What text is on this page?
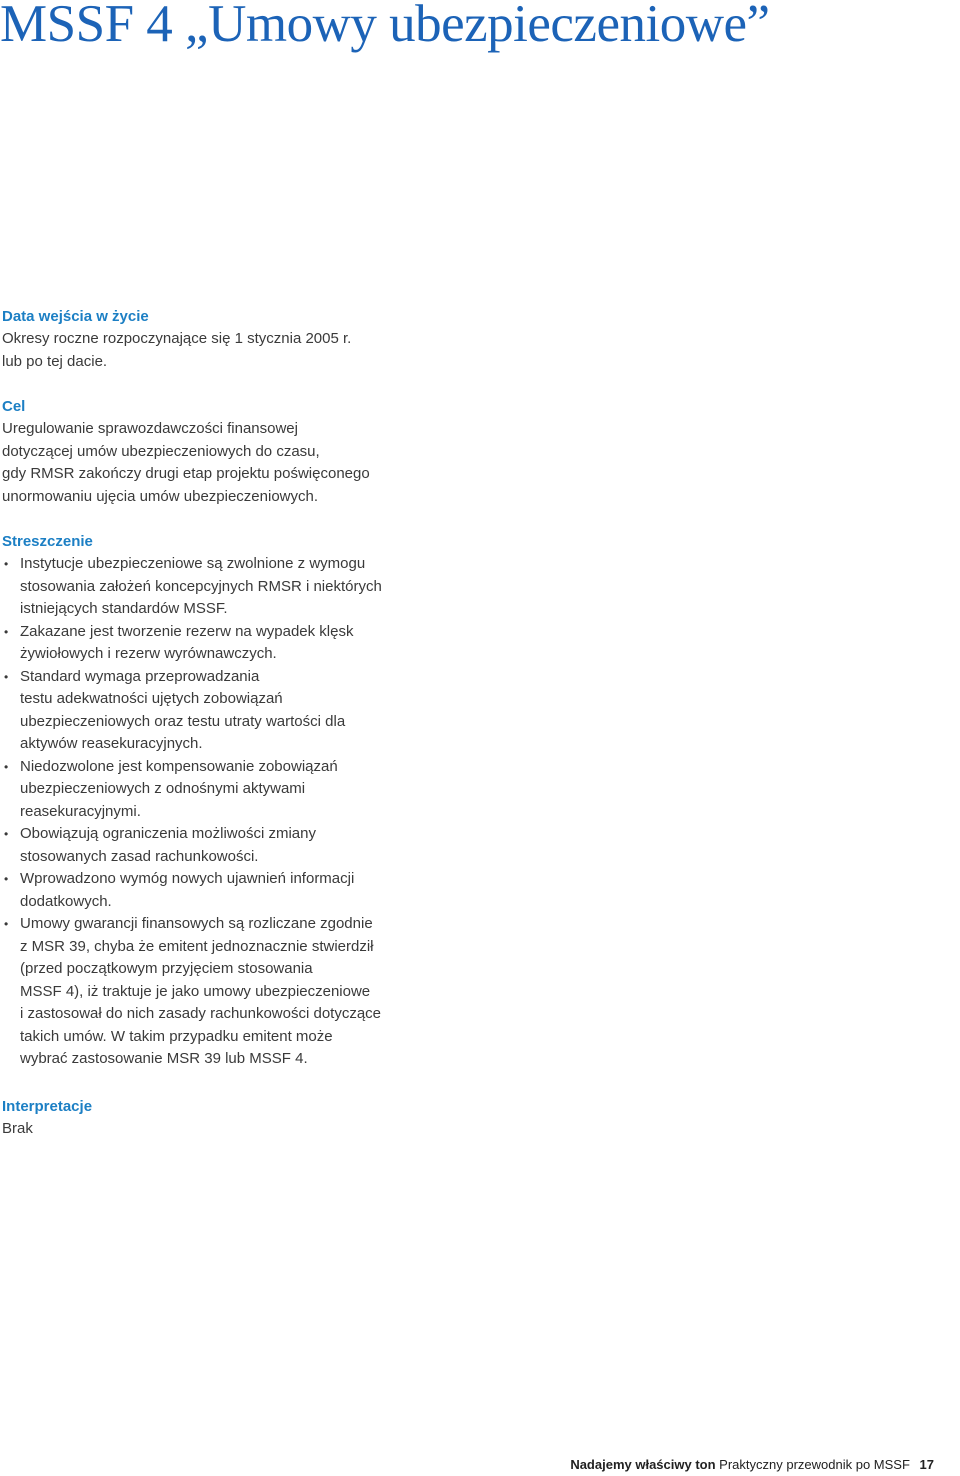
MSSF 4 „Umowy ubezpieczeniowe”
Data wejścia w życie

Okresy roczne rozpoczynające się 1 stycznia 2005 r.
lub po tej dacie.

Cel

Uregulowanie sprawozdawczości finansowej
dotyczącej umów ubezpieczeniowych do czasu,
gdy RMSR zakończy drugi etap projektu poświęconego
unormowaniu ujęcia umów ubezpieczeniowych.

Streszczenie
• Instytucje ubezpieczeniowe są zwolnione z wymogu
stosowania założeń koncepcyjnych RMSR i niektórych
istniejących standardów MSSF.
• Zakazane jest tworzenie rezerw na wypadek klęsk
żywiołowych i rezerw wyrównawczych.
• Standard wymaga przeprowadzania
testu adekwatności ujętych zobowiązań
ubezpieczeniowych oraz testu utraty wartości dla
aktywów reasekuracyjnych.
• Niedozwolone jest kompensowanie zobowiązań
ubezpieczeniowych z odnośnymi aktywami
reasekuracyjnymi.
• Obowiązują ograniczenia możliwości zmiany
stosowanych zasad rachunkowości.
• Wprowadzono wymóg nowych ujawnień informacji
dodatkowych.
• Umowy gwarancji finansowych są rozliczane zgodnie
z MSR 39, chyba że emitent jednoznacznie stwierdził
(przed początkowym przyjęciem stosowania
MSSF 4), iż traktuje je jako umowy ubezpieczeniowe
i zastosował do nich zasady rachunkowości dotyczące
takich umów. W takim przypadku emitent może
wybrać zastosowanie MSR 39 lub MSSF 4.
Interpretacje

Brak

Nadajemy właściwy ton Praktyczny przewodnik po MSSF 17
